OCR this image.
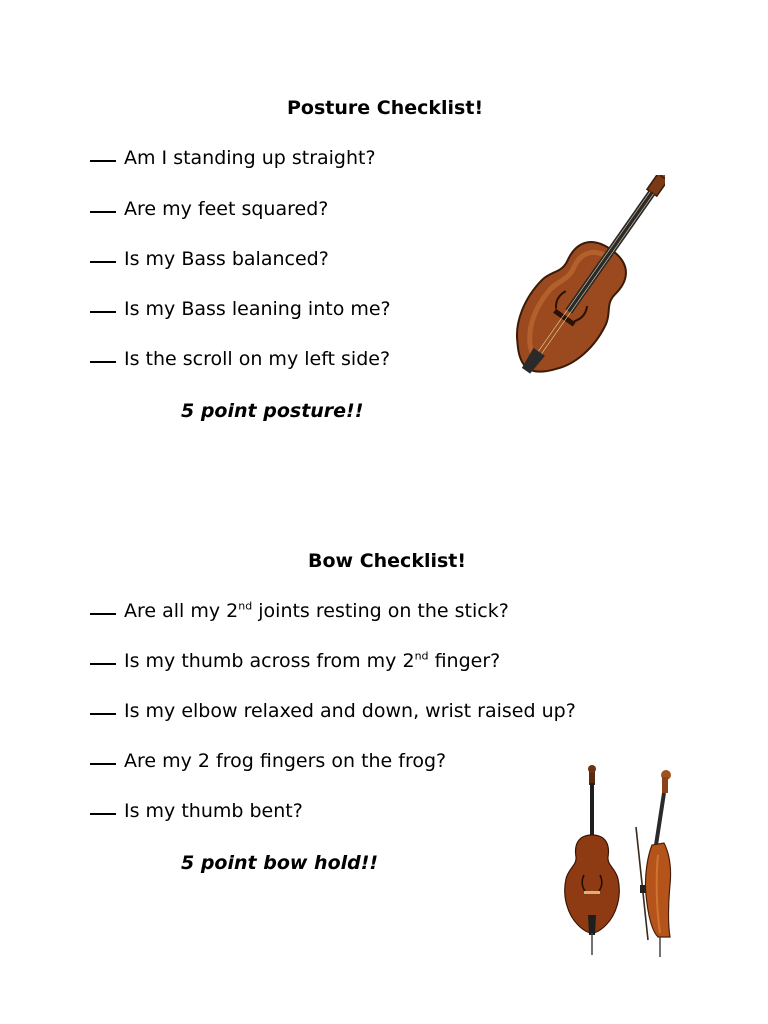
Posture Checklist!
Am I standing up straight?
Are my feet squared?
Is my Bass balanced?
Is my Bass leaning into me?
Is the scroll on my left side?
5 point posture!!
Bow Checklist!
Are all my 2nd joints resting on the stick?
Is my thumb across from my 2nd finger?
Is my elbow relaxed and down, wrist raised up?
Are my 2 frog fingers on the frog?
Is my thumb bent?
5 point bow hold!!
